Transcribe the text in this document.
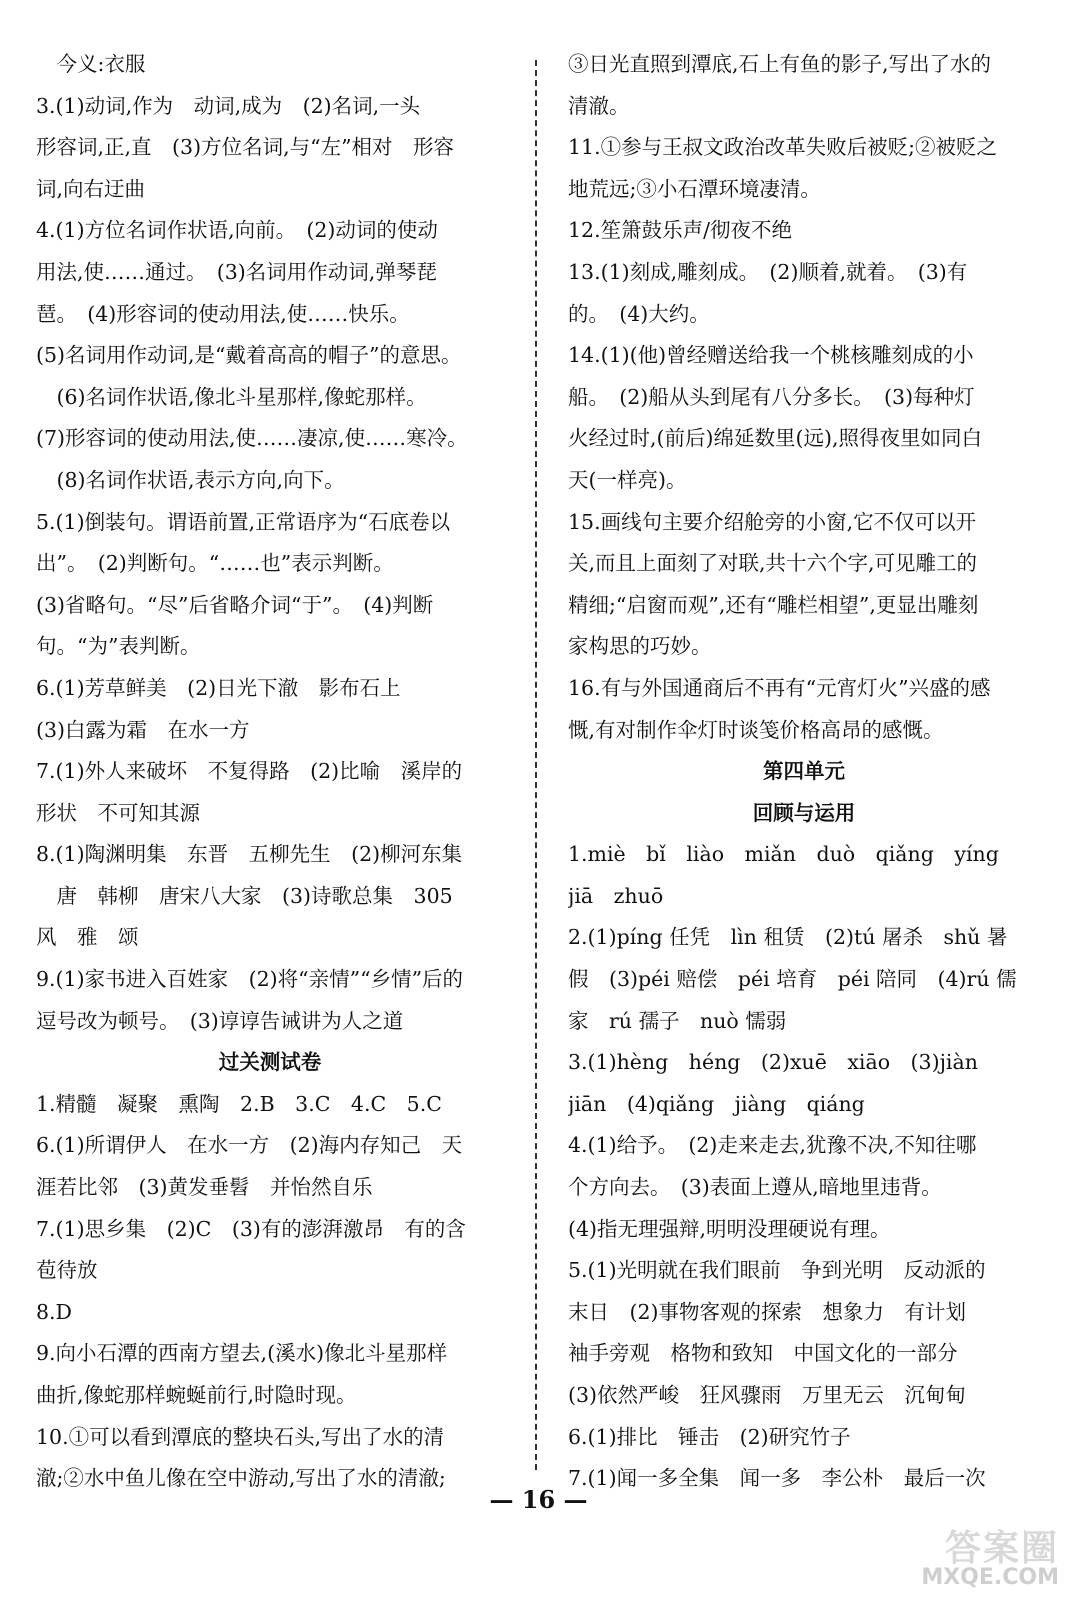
　今义:衣服
3.(1)动词,作为　动词,成为　(2)名词,一头
形容词,正,直　(3)方位名词,与“左”相对　形容
词,向右迂曲
4.(1)方位名词作状语,向前。　(2)动词的使动
用法,使……通过。　(3)名词用作动词,弹琴琵
琶。　(4)形容词的使动用法,使……快乐。
(5)名词用作动词,是“戴着高高的帽子”的意思。
　(6)名词作状语,像北斗星那样,像蛇那样。
(7)形容词的使动用法,使……凄凉,使……寒冷。
　(8)名词作状语,表示方向,向下。
5.(1)倒装句。谓语前置,正常语序为“石底卷以
出”。　(2)判断句。“……也”表示判断。
(3)省略句。“尽”后省略介词“于”。　(4)判断
句。“为”表判断。
6.(1)芳草鲜美　(2)日光下澈　影布石上
(3)白露为霜　在水一方
7.(1)外人来破坏　不复得路　(2)比喻　溪岸的
形状　不可知其源
8.(1)陶渊明集　东晋　五柳先生　(2)柳河东集
　唐　韩柳　唐宋八大家　(3)诗歌总集　305
风　雅　颂
9.(1)家书进入百姓家　(2)将“亲情”“乡情”后的
逗号改为顿号。　(3)谆谆告诫讲为人之道
过关测试卷
1.精髓　凝聚　熏陶　2.B　3.C　4.C　5.C
6.(1)所谓伊人　在水一方　(2)海内存知己　天
涯若比邻　(3)黄发垂髫　并怡然自乐
7.(1)思乡集　(2)C　(3)有的澎湃激昂　有的含
苞待放
8.D
9.向小石潭的西南方望去,(溪水)像北斗星那样
曲折,像蛇那样蜿蜒前行,时隐时现。
10.①可以看到潭底的整块石头,写出了水的清
澈;②水中鱼儿像在空中游动,写出了水的清澈;
③日光直照到潭底,石上有鱼的影子,写出了水的
清澈。
11.①参与王叔文政治改革失败后被贬;②被贬之
地荒远;③小石潭环境凄清。
12.笙箫鼓乐声/彻夜不绝
13.(1)刻成,雕刻成。　(2)顺着,就着。　(3)有
的。　(4)大约。
14.(1)(他)曾经赠送给我一个桃核雕刻成的小
船。　(2)船从头到尾有八分多长。　(3)每种灯
火经过时,(前后)绵延数里(远),照得夜里如同白
天(一样亮)。
15.画线句主要介绍舱旁的小窗,它不仅可以开
关,而且上面刻了对联,共十六个字,可见雕工的
精细;“启窗而观”,还有“雕栏相望”,更显出雕刻
家构思的巧妙。
16.有与外国通商后不再有“元宵灯火”兴盛的感
慨,有对制作伞灯时谈笺价格高昂的感慨。
第四单元
回顾与运用
1.miè　bǐ　liào　miǎn　duò　qiǎng　yíng
jiā　zhuō
2.(1)píng 任凭　lìn 租赁　(2)tú 屠杀　shǔ 暑
假　(3)péi 赔偿　péi 培育　péi 陪同　(4)rú 儒
家　rú 孺子　nuò 懦弱
3.(1)hèng　héng　(2)xuē　xiāo　(3)jiàn
jiān　(4)qiǎng　jiàng　qiáng
4.(1)给予。　(2)走来走去,犹豫不决,不知往哪
个方向去。　(3)表面上遵从,暗地里违背。
(4)指无理强辩,明明没理硬说有理。
5.(1)光明就在我们眼前　争到光明　反动派的
末日　(2)事物客观的探索　想象力　有计划
袖手旁观　格物和致知　中国文化的一部分
(3)依然严峻　狂风骤雨　万里无云　沉甸甸
6.(1)排比　锤击　(2)研究竹子
7.(1)闻一多全集　闻一多　李公朴　最后一次
— 16 —
答案圈
MXQE.COM
